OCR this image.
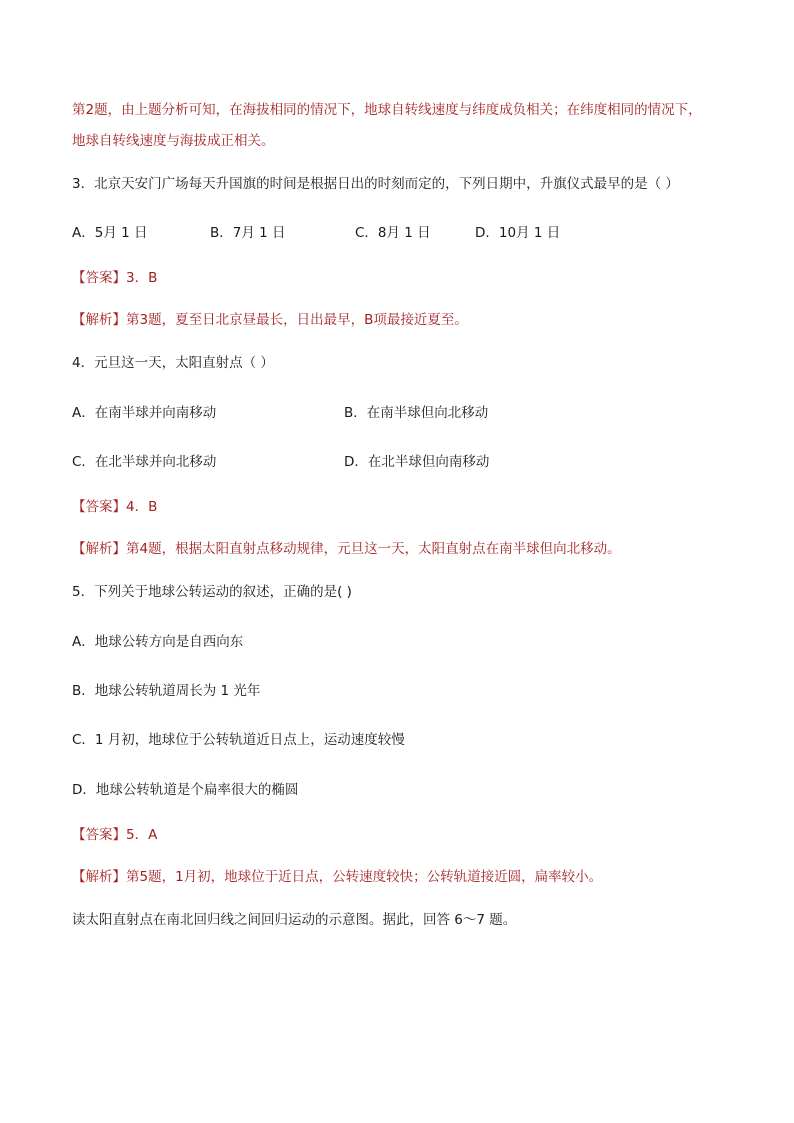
第2题，由上题分析可知，在海拔相同的情况下，地球自转线速度与纬度成负相关；在纬度相同的情况下，
地球自转线速度与海拔成正相关。
3．北京天安门广场每天升国旗的时间是根据日出的时刻而定的，下列日期中，升旗仪式最早的是（ ）
A．5月 1 日	B．7月 1 日	C．8月 1 日	D．10月 1 日
【答案】3．B
【解析】第3题，夏至日北京昼最长，日出最早，B项最接近夏至。
4．元旦这一天，太阳直射点（ ）
A．在南半球并向南移动	B．在南半球但向北移动
C．在北半球并向北移动	D．在北半球但向南移动
【答案】4．B
【解析】第4题，根据太阳直射点移动规律，元旦这一天，太阳直射点在南半球但向北移动。
5．下列关于地球公转运动的叙述，正确的是( )
A．地球公转方向是自西向东
B．地球公转轨道周长为 1 光年
C．1 月初，地球位于公转轨道近日点上，运动速度较慢
D．地球公转轨道是个扁率很大的椭圆
【答案】5．A
【解析】第5题，1月初，地球位于近日点，公转速度较快；公转轨道接近圆，扁率较小。
读太阳直射点在南北回归线之间回归运动的示意图。据此，回答 6～7 题。
